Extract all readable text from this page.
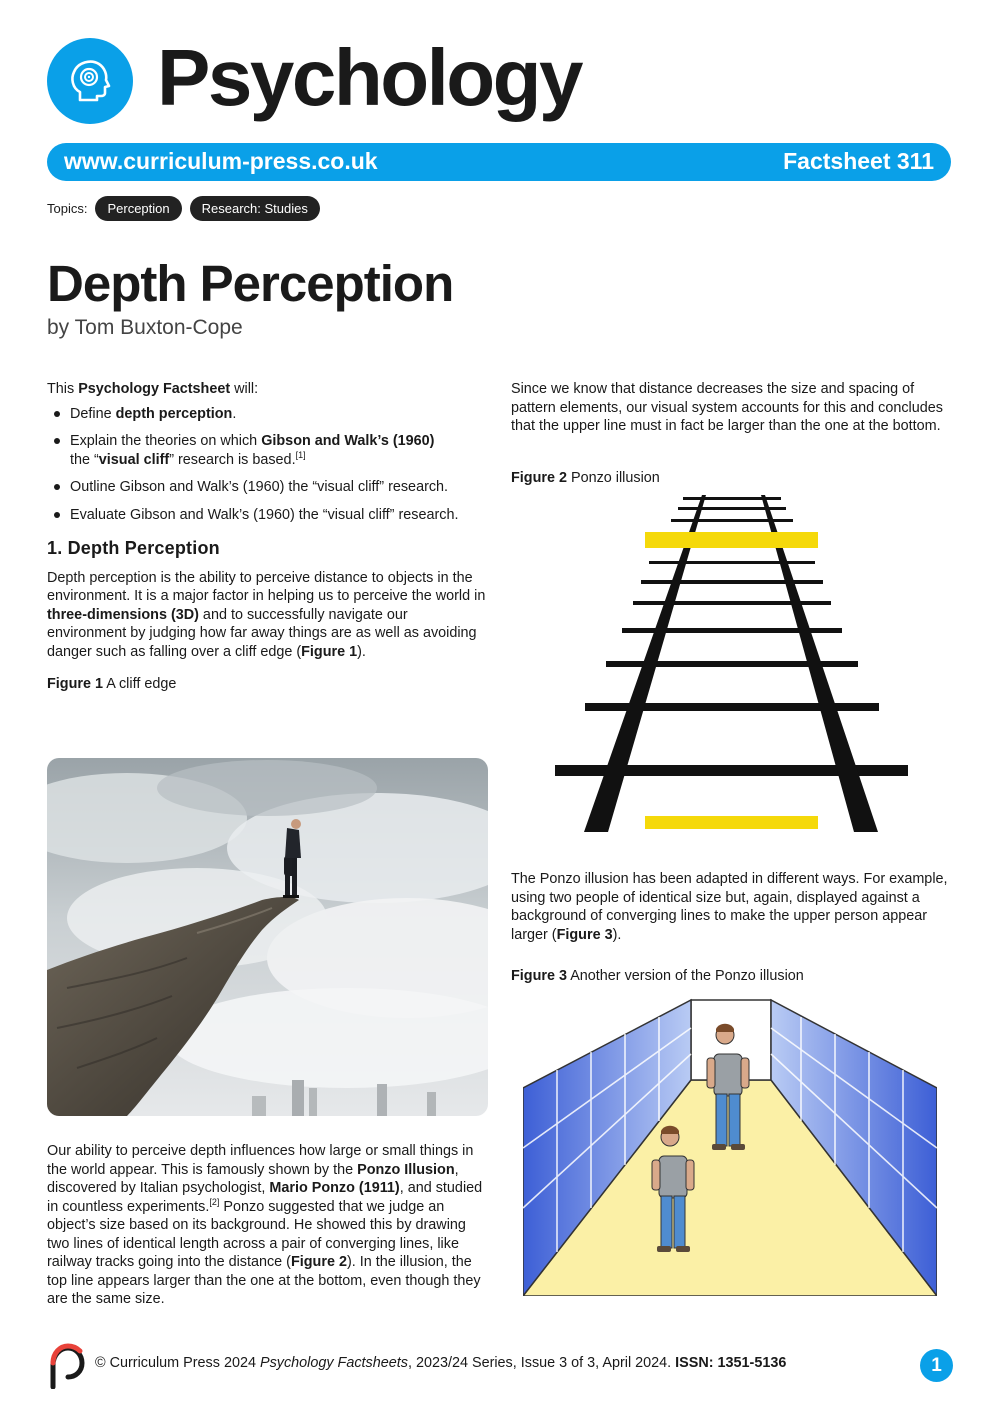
Psychology
www.curriculum-press.co.uk	Factsheet 311
Topics:	Perception	Research: Studies
Depth Perception
by Tom Buxton-Cope

This Psychology Factsheet will:

Define depth perception.
Explain the theories on which Gibson and Walk’s (1960)
the “visual cliff” research is based.[1]
Outline Gibson and Walk’s (1960) the “visual cliff” research.
Evaluate Gibson and Walk’s (1960) the “visual cliff” research.
1. Depth Perception

Depth perception is the ability to perceive distance to objects in the environment. It is a major factor in helping us to perceive the world in three-dimensions (3D) and to successfully navigate our environment by judging how far away things are as well as avoiding danger such as falling over a cliff edge (Figure 1).

Figure 1 A cliff edge

Our ability to perceive depth influences how large or small things in the world appear. This is famously shown by the Ponzo Illusion, discovered by Italian psychologist, Mario Ponzo (1911), and studied in countless experiments.[2] Ponzo suggested that we judge an object’s size based on its background. He showed this by drawing two lines of identical length across a pair of converging lines, like railway tracks going into the distance (Figure 2). In the illusion, the top line appears larger than the one at the bottom, even though they are the same size.

Since we know that distance decreases the size and spacing of pattern elements, our visual system accounts for this and concludes that the upper line must in fact be larger than the one at the bottom.

Figure 2 Ponzo illusion

The Ponzo illusion has been adapted in different ways. For example, using two people of identical size but, again, displayed against a background of converging lines to make the upper person appear larger (Figure 3).

Figure 3 Another version of the Ponzo illusion

© Curriculum Press 2024 Psychology Factsheets, 2023/24 Series, Issue 3 of 3, April 2024. ISSN: 1351-5136	1
